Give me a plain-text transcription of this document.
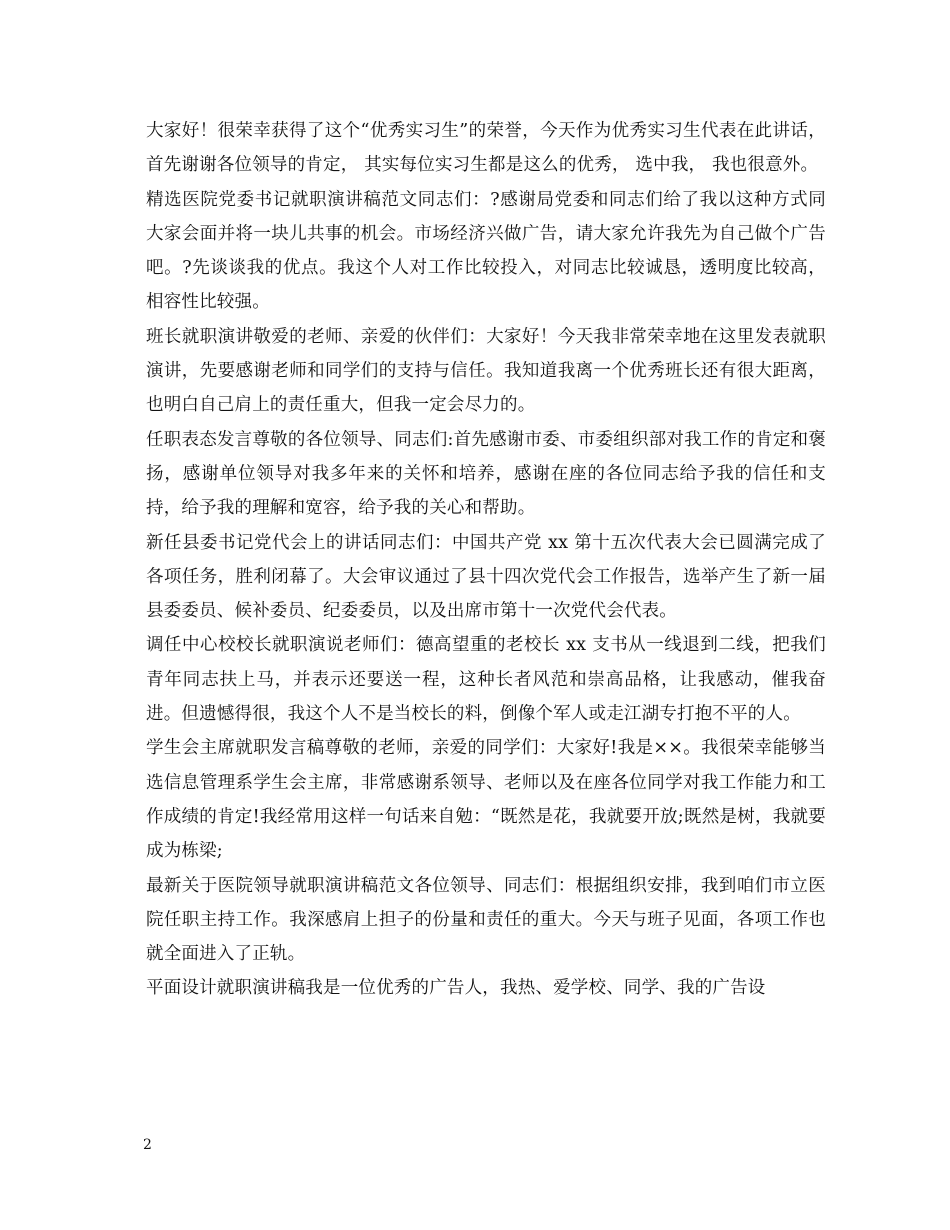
大家好！很荣幸获得了这个“优秀实习生”的荣誉，今天作为优秀实习生代表在此讲话，首先谢谢各位领导的肯定， 其实每位实习生都是这么的优秀， 选中我， 我也很意外。

精选医院党委书记就职演讲稿范文同志们：?感谢局党委和同志们给了我以这种方式同大家会面并将一块儿共事的机会。市场经济兴做广告，请大家允许我先为自己做个广告吧。?先谈谈我的优点。我这个人对工作比较投入，对同志比较诚恳，透明度比较高，相容性比较强。

班长就职演讲敬爱的老师、亲爱的伙伴们：大家好！今天我非常荣幸地在这里发表就职演讲，先要感谢老师和同学们的支持与信任。我知道我离一个优秀班长还有很大距离，也明白自己肩上的责任重大，但我一定会尽力的。

任职表态发言尊敬的各位领导、同志们:首先感谢市委、市委组织部对我工作的肯定和褒扬，感谢单位领导对我多年来的关怀和培养，感谢在座的各位同志给予我的信任和支持，给予我的理解和宽容，给予我的关心和帮助。

新任县委书记党代会上的讲话同志们：中国共产党 xx 第十五次代表大会已圆满完成了各项任务，胜利闭幕了。大会审议通过了县十四次党代会工作报告，选举产生了新一届县委委员、候补委员、纪委委员，以及出席市第十一次党代会代表。

调任中心校校长就职演说老师们：德高望重的老校长 xx 支书从一线退到二线，把我们青年同志扶上马，并表示还要送一程，这种长者风范和崇高品格，让我感动，催我奋进。但遗憾得很，我这个人不是当校长的料，倒像个军人或走江湖专打抱不平的人。

学生会主席就职发言稿尊敬的老师，亲爱的同学们：大家好!我是××。我很荣幸能够当选信息管理系学生会主席，非常感谢系领导、老师以及在座各位同学对我工作能力和工作成绩的肯定!我经常用这样一句话来自勉：“既然是花，我就要开放;既然是树，我就要成为栋梁;

最新关于医院领导就职演讲稿范文各位领导、同志们：根据组织安排，我到咱们市立医院任职主持工作。我深感肩上担子的份量和责任的重大。今天与班子见面，各项工作也就全面进入了正轨。

平面设计就职演讲稿我是一位优秀的广告人，我热、爱学校、同学、我的广告设

2
